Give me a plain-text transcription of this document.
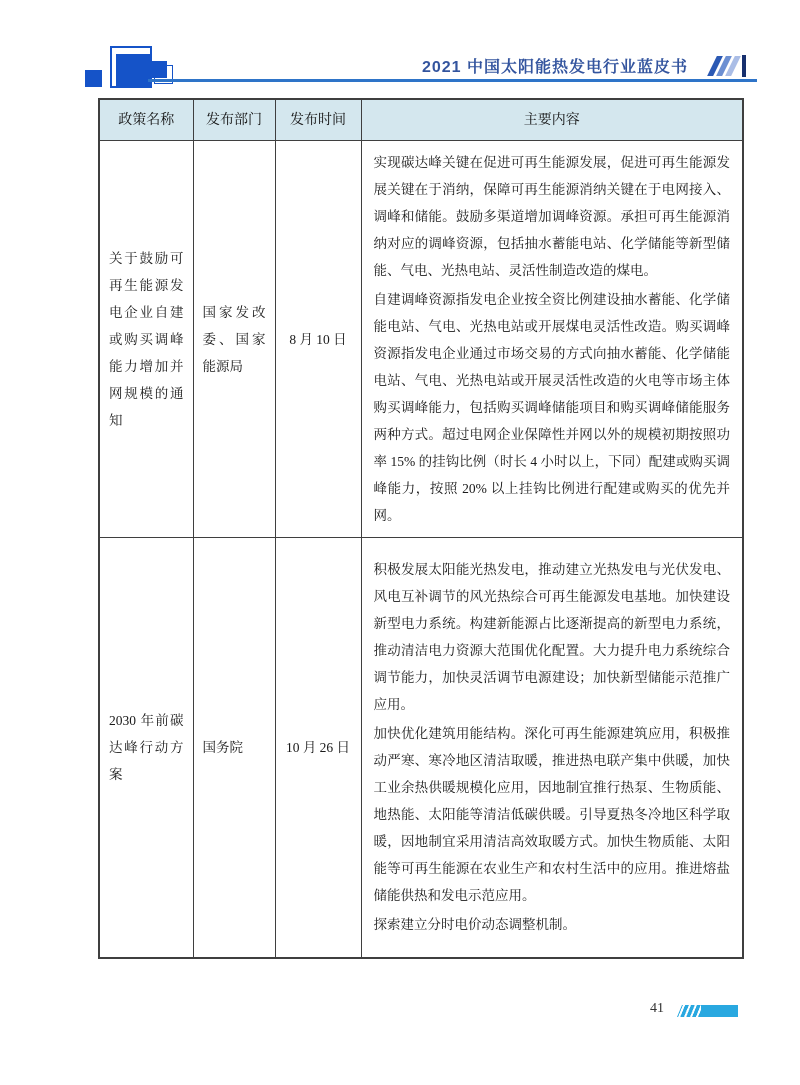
2021 中国太阳能热发电行业蓝皮书
政策名称	发布部门	发布时间	主要内容
关于鼓励可再生能源发电企业自建或购买调峰能力增加并网规模的通知	国家发改委、国家能源局	8 月 10 日	实现碳达峰关键在促进可再生能源发展，促进可再生能源发展关键在于消纳，保障可再生能源消纳关键在于电网接入、调峰和储能。鼓励多渠道增加调峰资源。承担可再生能源消纳对应的调峰资源，包括抽水蓄能电站、化学储能等新型储能、气电、光热电站、灵活性制造改造的煤电。

自建调峰资源指发电企业按全资比例建设抽水蓄能、化学储能电站、气电、光热电站或开展煤电灵活性改造。购买调峰资源指发电企业通过市场交易的方式向抽水蓄能、化学储能电站、气电、光热电站或开展灵活性改造的火电等市场主体购买调峰能力，包括购买调峰储能项目和购买调峰储能服务两种方式。超过电网企业保障性并网以外的规模初期按照功率 15% 的挂钩比例（时长 4 小时以上，下同）配建或购买调峰能力，按照 20% 以上挂钩比例进行配建或购买的优先并网。

2030 年前碳达峰行动方案	国务院	10 月 26 日	积极发展太阳能光热发电，推动建立光热发电与光伏发电、风电互补调节的风光热综合可再生能源发电基地。加快建设新型电力系统。构建新能源占比逐渐提高的新型电力系统，推动清洁电力资源大范围优化配置。大力提升电力系统综合调节能力，加快灵活调节电源建设；加快新型储能示范推广应用。

加快优化建筑用能结构。深化可再生能源建筑应用，积极推动严寒、寒冷地区清洁取暖，推进热电联产集中供暖，加快工业余热供暖规模化应用，因地制宜推行热泵、生物质能、地热能、太阳能等清洁低碳供暖。引导夏热冬冷地区科学取暖，因地制宜采用清洁高效取暖方式。加快生物质能、太阳能等可再生能源在农业生产和农村生活中的应用。推进熔盐储能供热和发电示范应用。

探索建立分时电价动态调整机制。

41
